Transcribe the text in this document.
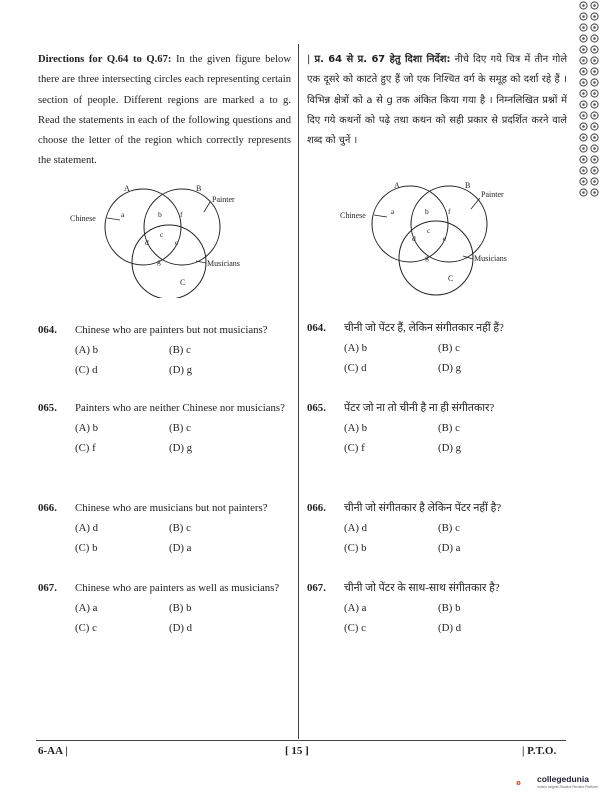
Directions for Q.64 to Q.67: In the given figure below there are three intersecting circles each representing certain section of people. Different regions are marked a to g. Read the statements in each of the following questions and choose the letter of the region which correctly represents the statement.
A	B
C
Chinese
Painter
Musicians
a	b
c
d	e
f
g
064. Chinese who are painters but not musicians?
(A) b	(B) c
(C) d	(D) g
065. Painters who are neither Chinese nor musicians?
(A) b	(B) c
(C) f	(D) g
066. Chinese who are musicians but not painters?
(A) d	(B) c
(C) b	(D) a
067. Chinese who are painters as well as musicians?
(A) a	(B) b
(C) c	(D) d
| प्र. 64 से प्र. 67 हेतु दिशा निर्देश: नीचे दिए गये चित्र में तीन गोले एक दूसरे को काटते हुए हैं जो एक निश्चित वर्ग के समूह को दर्शा रहे हैं । विभिन्न क्षेत्रों को a से g तक अंकित किया गया है । निम्नलिखित प्रश्नों में दिए गये कथनों को पढ़े तथा कथन को सही प्रकार से प्रदर्शित करने वाले शब्द को चुनें ।
A	B
C
Chinese
Painter
Musicians
a	b
c
d	e
f
g
064. चीनी जो पेंटर हैं, लेकिन संगीतकार नहीं हैं?
(A) b	(B) c
(C) d	(D) g
065. पेंटर जो ना तो चीनी है ना ही संगीतकार?
(A) b	(B) c
(C) f	(D) g
066. चीनी जो संगीतकार है लेकिन पेंटर नहीं है?
(A) d	(B) c
(C) b	(D) a
067. चीनी जो पेंटर के साथ-साथ संगीतकार है?
(A) a	(B) b
(C) c	(D) d
6-AA |	[ 15 ]	| P.T.O.
collegedunia
India's largest Student Review Platform
